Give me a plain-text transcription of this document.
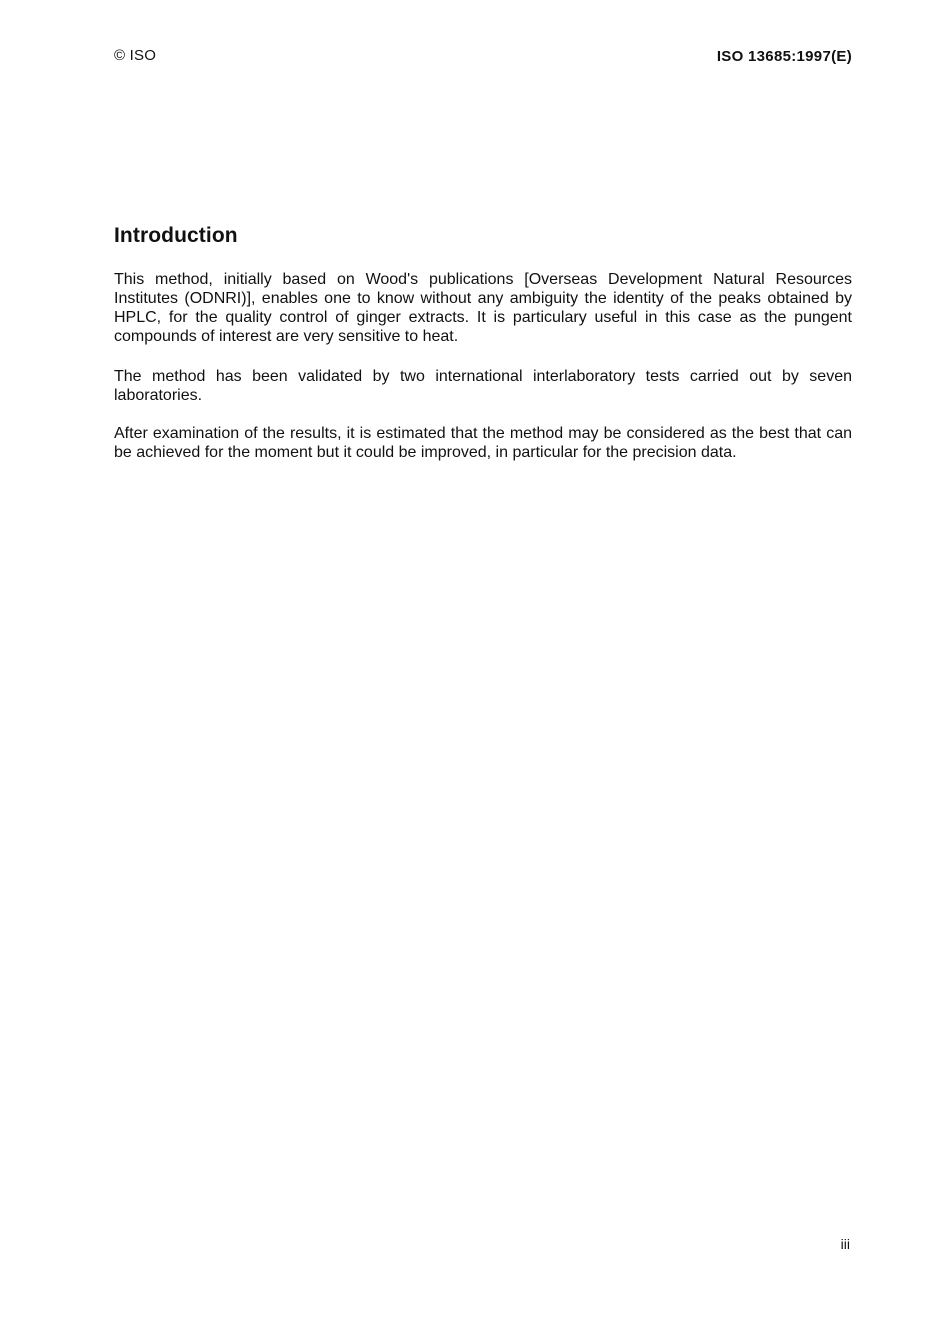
© ISO	ISO 13685:1997(E)
Introduction

This method, initially based on Wood's publications [Overseas Development Natural Resources Institutes (ODNRI)], enables one to know without any ambiguity the identity of the peaks obtained by HPLC, for the quality control of ginger extracts. It is particulary useful in this case as the pungent compounds of interest are very sensitive to heat.

The method has been validated by two international interlaboratory tests carried out by seven laboratories.

After examination of the results, it is estimated that the method may be considered as the best that can be achieved for the moment but it could be improved, in particular for the precision data.

iii
